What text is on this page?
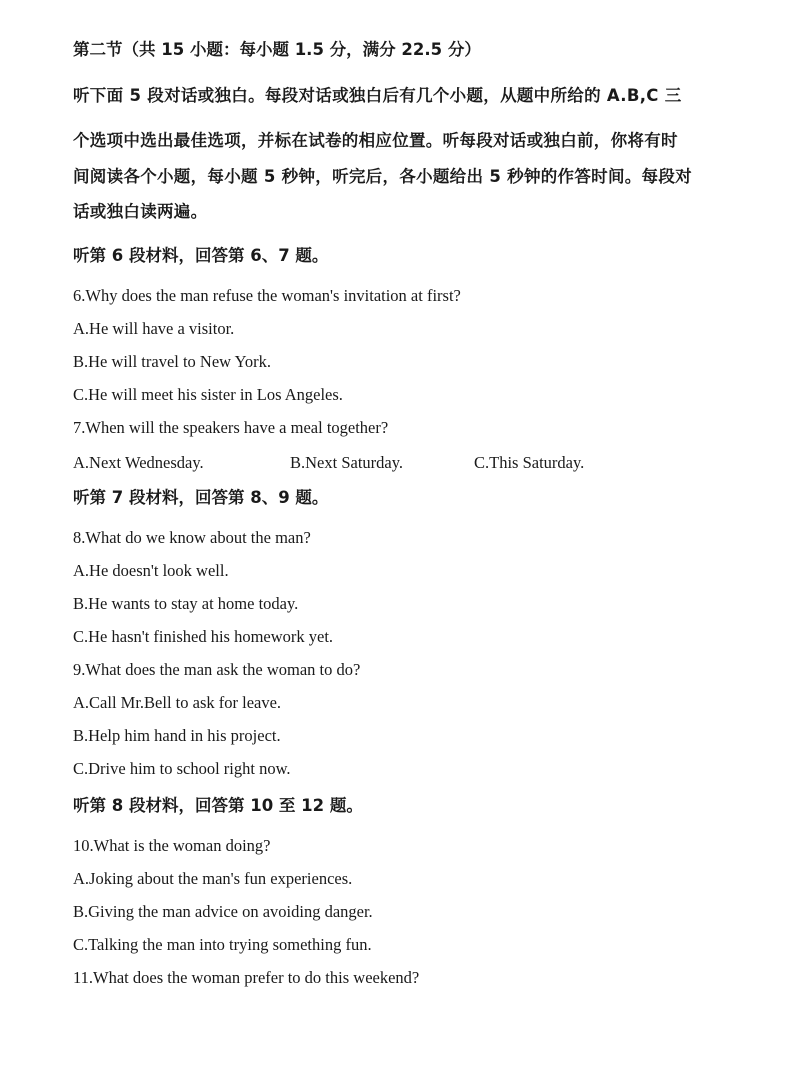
第二节（共 15 小题：每小题 1.5 分，满分 22.5 分）
听下面 5 段对话或独白。每段对话或独白后有几个小题，从题中所给的 A.B,C 三
个选项中选出最佳选项，并标在试卷的相应位置。听每段对话或独白前，你将有时
间阅读各个小题，每小题 5 秒钟，听完后，各小题给出 5 秒钟的作答时间。每段对
话或独白读两遍。
听第 6 段材料，回答第 6、7 题。
6.Why does the man refuse the woman's invitation at first?
A.He will have a visitor.
B.He will travel to New York.
C.He will meet his sister in Los Angeles.
7.When will the speakers have a meal together?
A.Next Wednesday.	B.Next Saturday.	C.This Saturday.
听第 7 段材料，回答第 8、9 题。
8.What do we know about the man?
A.He doesn't look well.
B.He wants to stay at home today.
C.He hasn't finished his homework yet.
9.What does the man ask the woman to do?
A.Call Mr.Bell to ask for leave.
B.Help him hand in his project.
C.Drive him to school right now.
听第 8 段材料，回答第 10 至 12 题。
10.What is the woman doing?
A.Joking about the man's fun experiences.
B.Giving the man advice on avoiding danger.
C.Talking the man into trying something fun.
11.What does the woman prefer to do this weekend?
